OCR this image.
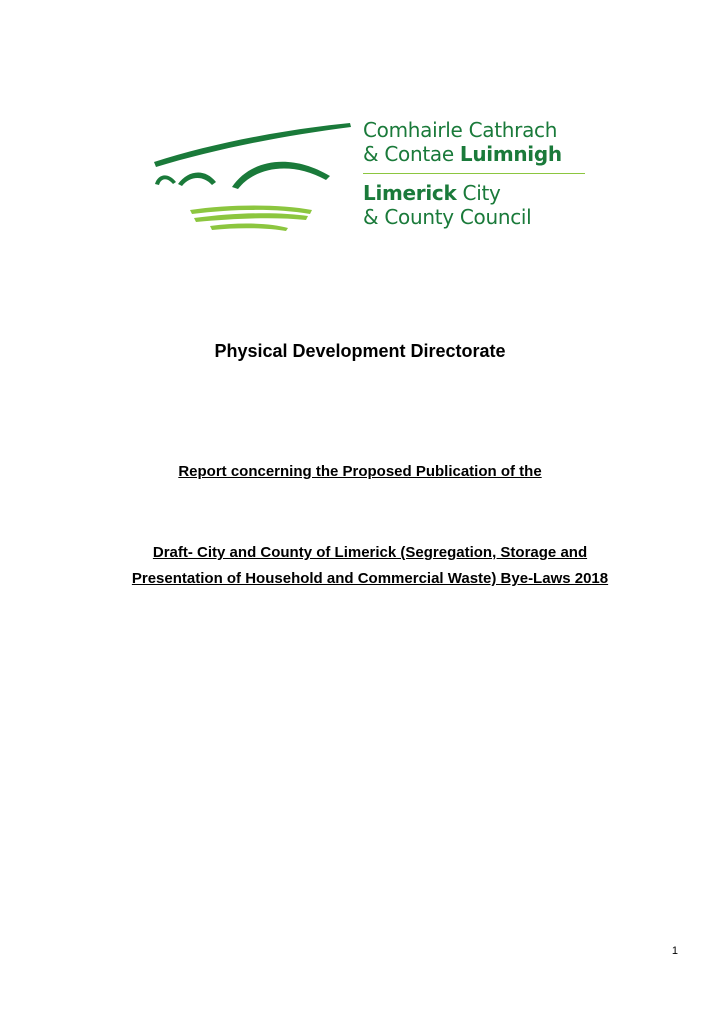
Comhairle Cathrach
& Contae Luimnigh
Limerick City
& County Council
Physical Development Directorate
Report concerning the Proposed Publication of the
Draft- City and County of Limerick (Segregation, Storage and
Presentation of Household and Commercial Waste) Bye-Laws 2018
1
